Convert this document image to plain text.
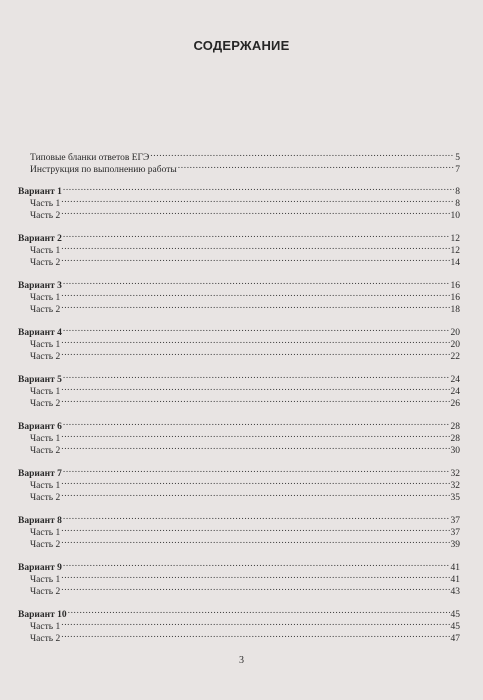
СОДЕРЖАНИЕ
Типовые бланки ответов ЕГЭ .....	5
Инструкция по выполнению работы .....	7
Вариант 1 .....	8
Часть 1 .....	8
Часть 2 .....	10
Вариант 2 .....	12
Часть 1 .....	12
Часть 2 .....	14
Вариант 3 .....	16
Часть 1 .....	16
Часть 2 .....	18
Вариант 4 .....	20
Часть 1 .....	20
Часть 2 .....	22
Вариант 5 .....	24
Часть 1 .....	24
Часть 2 .....	26
Вариант 6 .....	28
Часть 1 .....	28
Часть 2 .....	30
Вариант 7 .....	32
Часть 1 .....	32
Часть 2 .....	35
Вариант 8 .....	37
Часть 1 .....	37
Часть 2 .....	39
Вариант 9 .....	41
Часть 1 .....	41
Часть 2 .....	43
Вариант 10 .....	45
Часть 1 .....	45
Часть 2 .....	47
3
